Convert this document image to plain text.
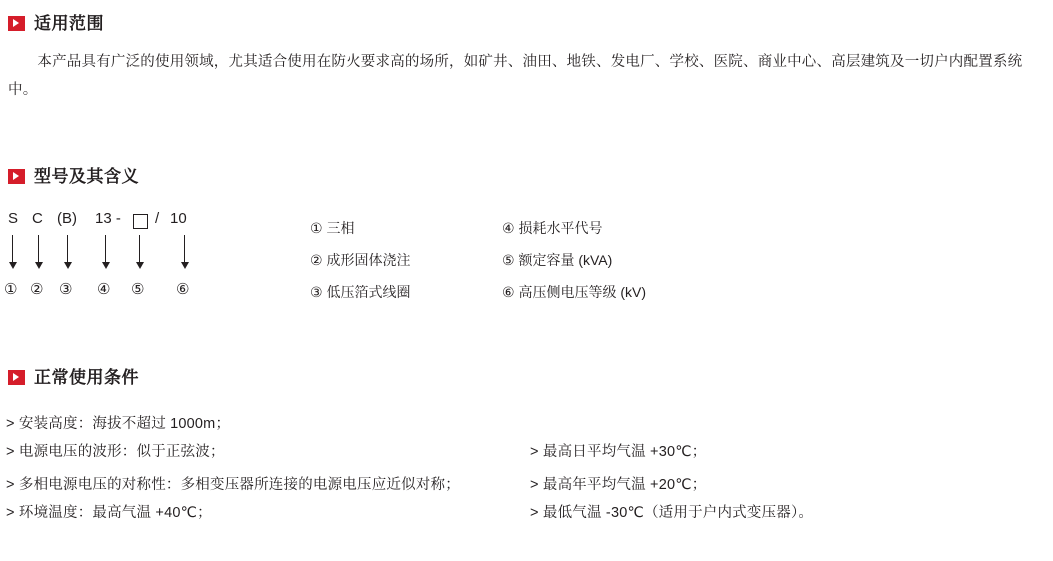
适用范围
　　本产品具有广泛的使用领域，尤其适合使用在防火要求高的场所，如矿井、油田、地铁、发电厂、学校、医院、商业中心、高层建筑及一切户内配置系统中。
型号及其含义
S C (B) 13 - / 10
① ② ③ ④ ⑤ ⑥
① 三相
② 成形固体浇注
③ 低压箔式线圈
④ 损耗水平代号
⑤ 额定容量 (kVA)
⑥ 高压侧电压等级 (kV)
正常使用条件
> 安装高度：海拔不超过 1000m；
> 电源电压的波形：似于正弦波；
> 多相电源电压的对称性：多相变压器所连接的电源电压应近似对称；
> 环境温度：最高气温 +40℃；
> 最高日平均气温 +30℃；
> 最高年平均气温 +20℃；
> 最低气温 -30℃（适用于户内式变压器）。
